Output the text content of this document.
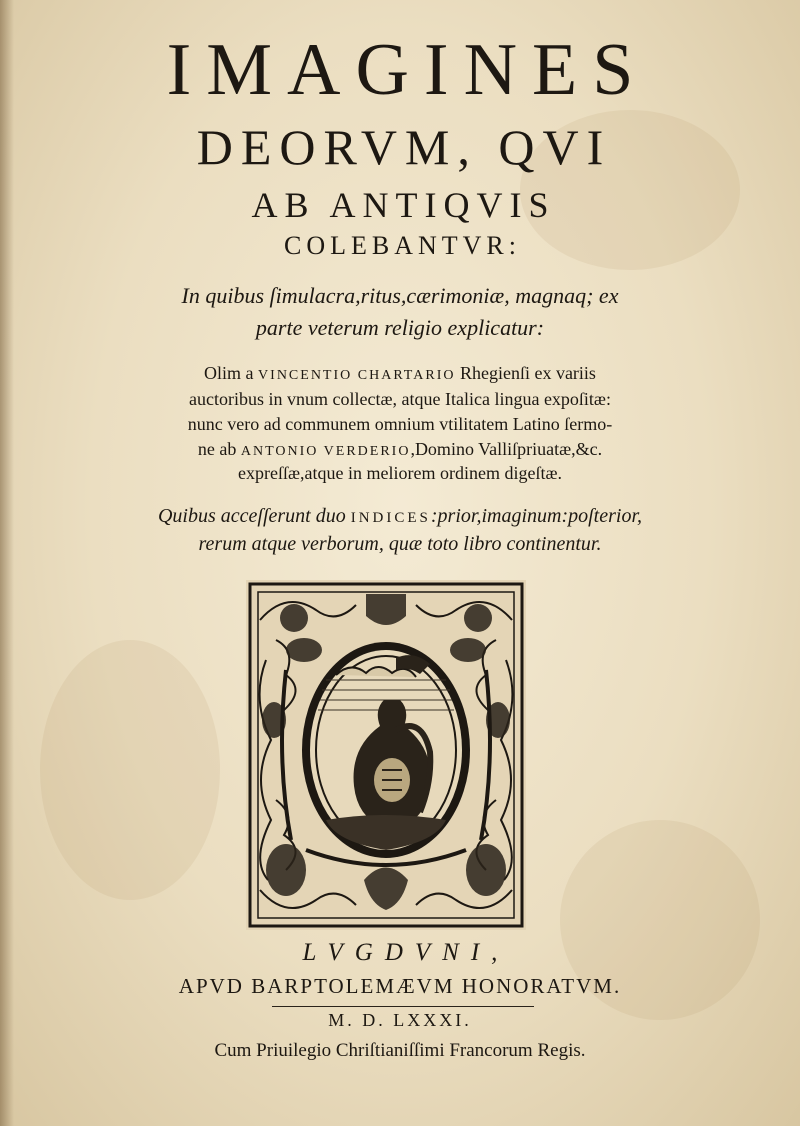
IMAGINES
DEORVM, QVI
AB ANTIQVIS
COLEBANTVR:
In quibus ſimulacra,ritus,cærimoniæ, magnaq; ex
parte veterum religio explicatur:
Olim a VINCENTIO CHARTARIO Rhegienſi ex variis
auctoribus in vnum collectæ, atque Italica lingua expoſitæ:
nunc vero ad communem omnium vtilitatem Latino ſermo-
ne ab ANTONIO VERDERIO,Domino Valliſpriuatæ,&c.
expreſſæ,atque in meliorem ordinem digeſtæ.
Quibus acceſſerunt duo INDICES:prior,imaginum:poſterior,
rerum atque verborum, quæ toto libro continentur.
LVGDVNI,
APVD BARPTOLEMÆVM HONORATVM.
M. D. LXXXI.
Cum Priuilegio Chriſtianiſſimi Francorum Regis.
